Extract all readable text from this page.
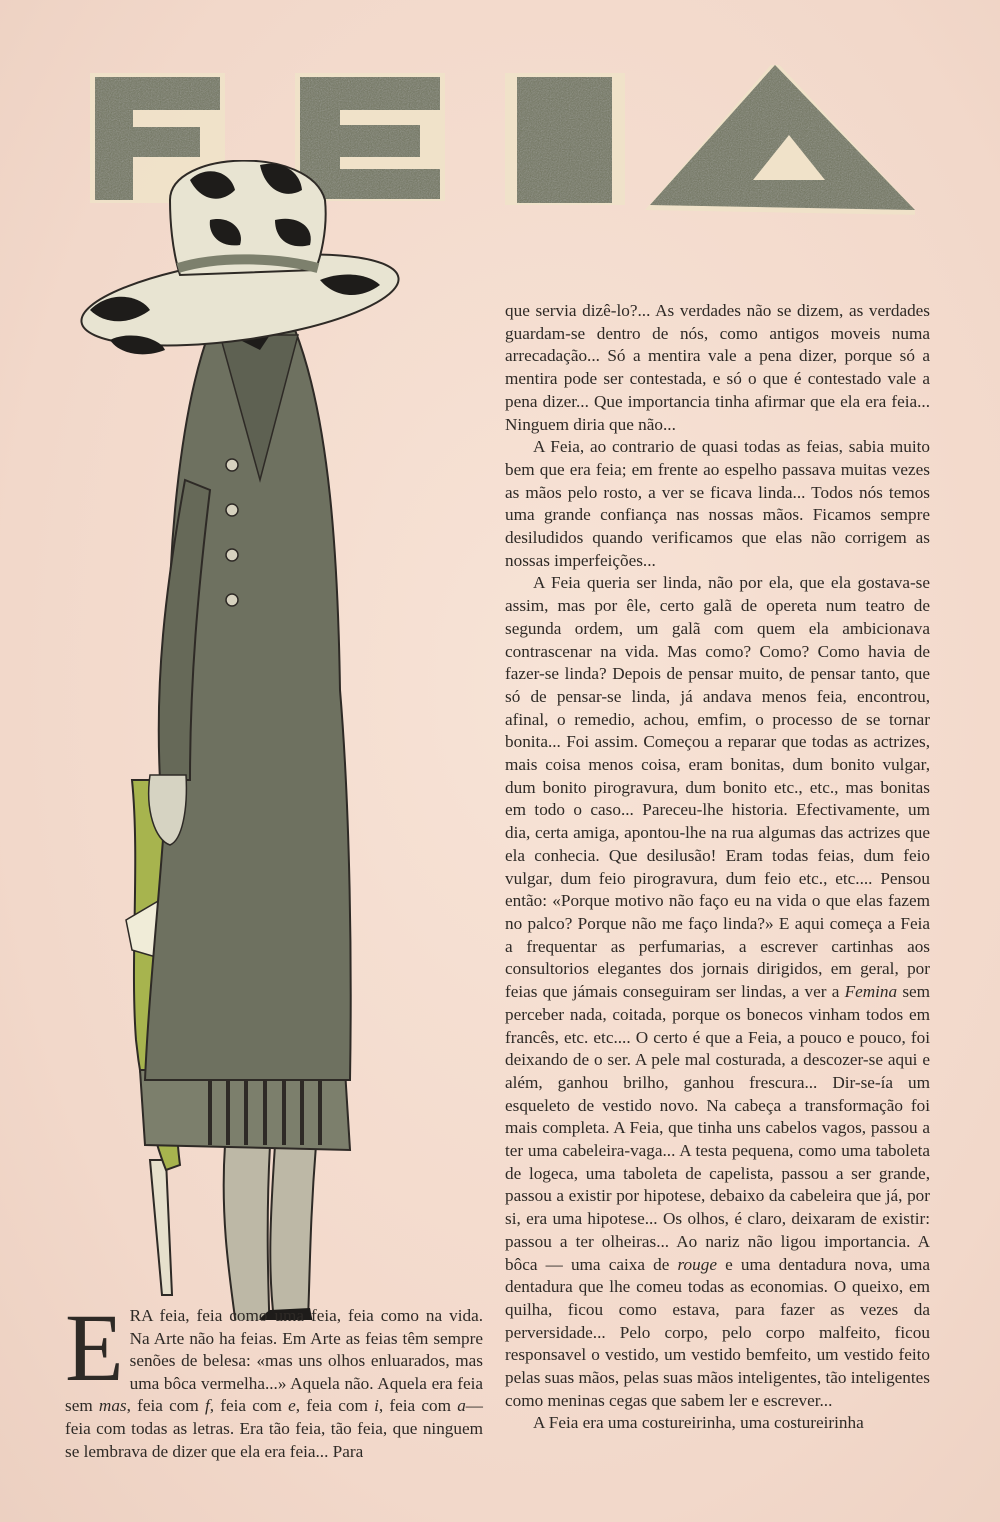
E RA feia, feia como uma feia, feia como na vida. Na Arte não ha feias. Em Arte as feias têm sempre senões de belesa: «mas uns olhos enluarados, mas uma bôca vermelha...» Aquela não. Aquela era feia sem mas, feia com f, feia com e, feia com i, feia com a— feia com todas as letras. Era tão feia, tão feia, que ninguem se lembrava de dizer que ela era feia... Para

que servia dizê-lo?... As verdades não se dizem, as verdades guardam-se dentro de nós, como antigos moveis numa arrecadação... Só a mentira vale a pena dizer, porque só a mentira pode ser contestada, e só o que é contestado vale a pena dizer... Que importancia tinha afirmar que ela era feia... Ninguem diria que não...

A Feia, ao contrario de quasi todas as feias, sabia muito bem que era feia; em frente ao espelho passava muitas vezes as mãos pelo rosto, a ver se ficava linda... Todos nós temos uma grande confiança nas nossas mãos. Ficamos sempre desiludidos quando verificamos que elas não corrigem as nossas imperfeições...

A Feia queria ser linda, não por ela, que ela gostava-se assim, mas por êle, certo galã de opereta num teatro de segunda ordem, um galã com quem ela ambicionava contrascenar na vida. Mas como? Como? Como havia de fazer-se linda? Depois de pensar muito, de pensar tanto, que só de pensar-se linda, já andava menos feia, encontrou, afinal, o remedio, achou, emfim, o processo de se tornar bonita... Foi assim. Começou a reparar que todas as actrizes, mais coisa menos coisa, eram bonitas, dum bonito vulgar, dum bonito pirogravura, dum bonito etc., etc., mas bonitas em todo o caso... Pareceu-lhe historia. Efectivamente, um dia, certa amiga, apontou-lhe na rua algumas das actrizes que ela conhecia. Que desilusão! Eram todas feias, dum feio vulgar, dum feio pirogravura, dum feio etc., etc.... Pensou então: «Porque motivo não faço eu na vida o que elas fazem no palco? Porque não me faço linda?» E aqui começa a Feia a frequentar as perfumarias, a escrever cartinhas aos consultorios elegantes dos jornais dirigidos, em geral, por feias que jámais conseguiram ser lindas, a ver a Femina sem perceber nada, coitada, porque os bonecos vinham todos em francês, etc. etc.... O certo é que a Feia, a pouco e pouco, foi deixando de o ser. A pele mal costurada, a descozer-se aqui e além, ganhou brilho, ganhou frescura... Dir-se-ía um esqueleto de vestido novo. Na cabeça a transformação foi mais completa. A Feia, que tinha uns cabelos vagos, passou a ter uma cabeleira-vaga... A testa pequena, como uma taboleta de logeca, uma taboleta de capelista, passou a ser grande, passou a existir por hipotese, debaixo da cabeleira que já, por si, era uma hipotese... Os olhos, é claro, deixaram de existir: passou a ter olheiras... Ao nariz não ligou importancia. A bôca — uma caixa de rouge e uma dentadura nova, uma dentadura que lhe comeu todas as economias. O queixo, em quilha, ficou como estava, para fazer as vezes da perversidade... Pelo corpo, pelo corpo malfeito, ficou responsavel o vestido, um vestido bemfeito, um vestido feito pelas suas mãos, pelas suas mãos inteligentes, tão inteligentes como meninas cegas que sabem ler e escrever...

A Feia era uma costureirinha, uma costureirinha
